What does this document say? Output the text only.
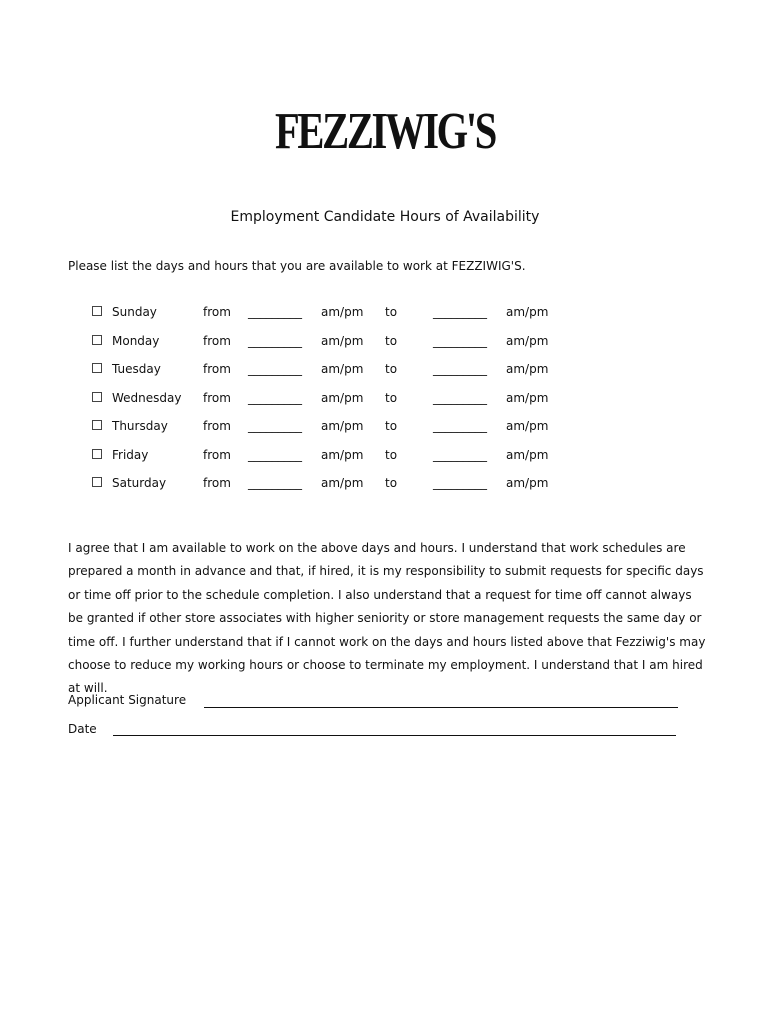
FEZZIWIG'S
Employment Candidate Hours of Availability
Please list the days and hours that you are available to work at FEZZIWIG'S.
Sunday	from _________ am/pm to	_________ am/pm
Monday	from _________ am/pm to	_________ am/pm
Tuesday	from _________ am/pm to	_________ am/pm
Wednesday from _________ am/pm to	_________ am/pm
Thursday	from _________ am/pm to	_________ am/pm
Friday	from _________ am/pm to	_________ am/pm
Saturday	from _________ am/pm to	_________ am/pm
I agree that I am available to work on the above days and hours. I understand that work schedules are prepared a month in advance and that, if hired, it is my responsibility to submit requests for specific days or time off prior to the schedule completion. I also understand that a request for time off cannot always be granted if other store associates with higher seniority or store management requests the same day or time off. I further understand that if I cannot work on the days and hours listed above that Fezziwig's may choose to reduce my working hours or choose to terminate my employment. I understand that I am hired at will.
Applicant Signature
Date
